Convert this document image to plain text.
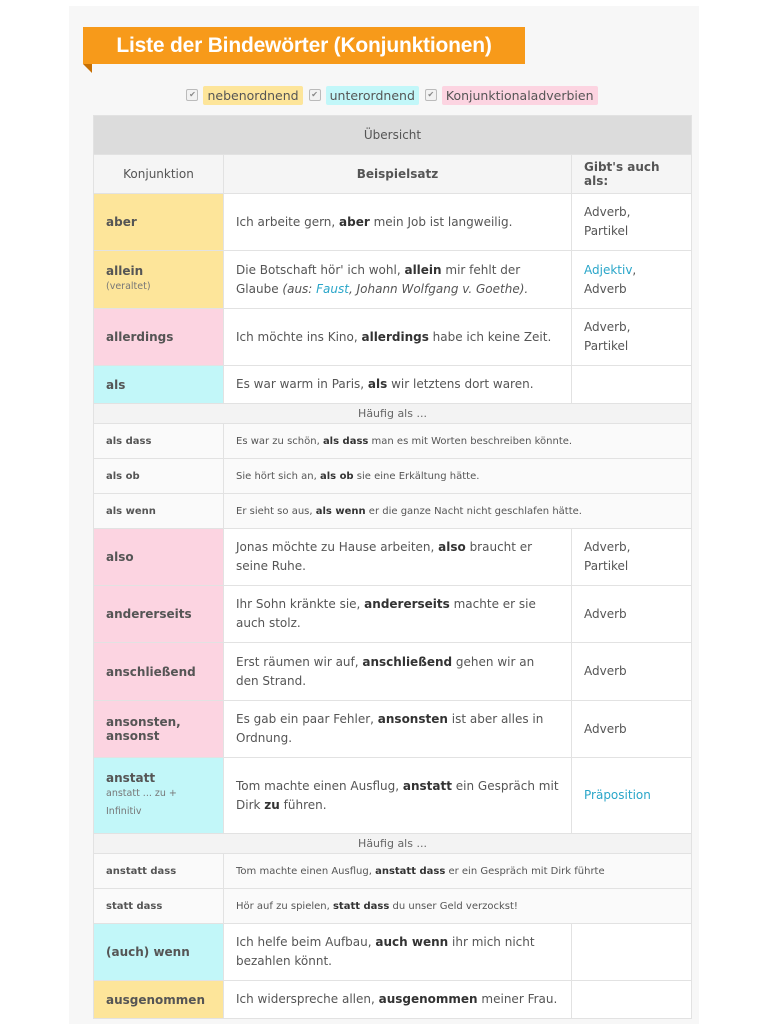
Liste der Bindewörter (Konjunktionen)
✔ nebenordnend	✔ unterordnend	✔ Konjunktionaladverbien
Übersicht		
Konjunktion	Beispielsatz	Gibt's auch als:
aber	Ich arbeite gern, aber mein Job ist langweilig.	Adverb,
Partikel
allein
(veraltet)	Die Botschaft hör' ich wohl, allein mir fehlt der Glaube (aus: Faust, Johann Wolfgang v. Goethe).	Adjektiv,
Adverb
allerdings	Ich möchte ins Kino, allerdings habe ich keine Zeit.	Adverb,
Partikel
als	Es war warm in Paris, als wir letztens dort waren.	
Häufig als ...		
als dass	Es war zu schön, als dass man es mit Worten beschreiben könnte.	
als ob	Sie hört sich an, als ob sie eine Erkältung hätte.	
als wenn	Er sieht so aus, als wenn er die ganze Nacht nicht geschlafen hätte.	
also	Jonas möchte zu Hause arbeiten, also braucht er seine Ruhe.	Adverb,
Partikel
andererseits	Ihr Sohn kränkte sie, andererseits machte er sie auch stolz.	Adverb
anschließend	Erst räumen wir auf, anschließend gehen wir an den Strand.	Adverb
ansonsten,
ansonst	Es gab ein paar Fehler, ansonsten ist aber alles in Ordnung.	Adverb
anstatt
anstatt ... zu + Infinitiv	Tom machte einen Ausflug, anstatt ein Gespräch mit Dirk zu führen.	Präposition
Häufig als ...		
anstatt dass	Tom machte einen Ausflug, anstatt dass er ein Gespräch mit Dirk führte	
statt dass	Hör auf zu spielen, statt dass du unser Geld verzockst!	
(auch) wenn	Ich helfe beim Aufbau, auch wenn ihr mich nicht bezahlen könnt.	
ausgenommen	Ich widerspreche allen, ausgenommen meiner Frau.	
